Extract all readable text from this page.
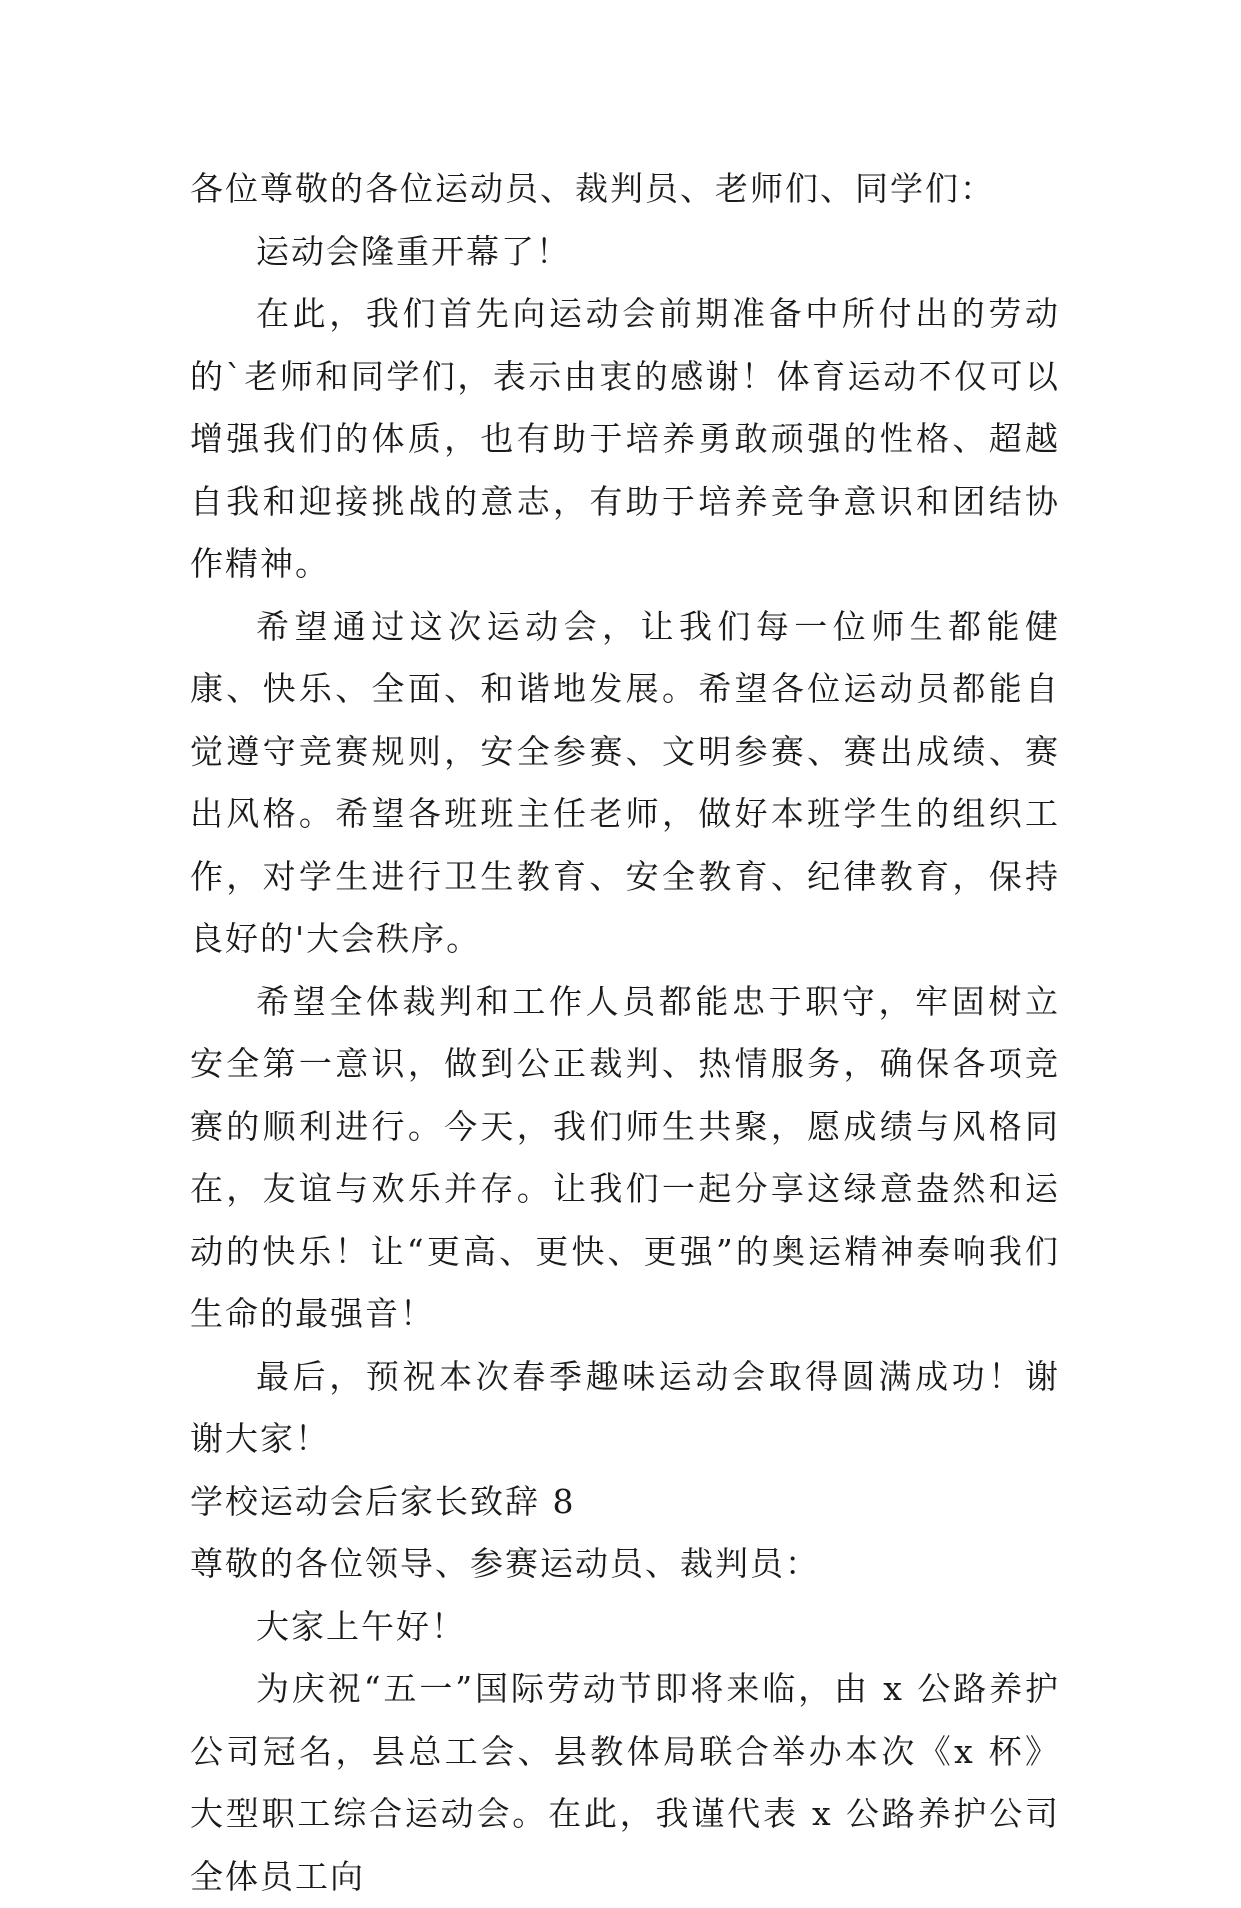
各位尊敬的各位运动员、裁判员、老师们、同学们：

运动会隆重开幕了！

在此，我们首先向运动会前期准备中所付出的劳动的`老师和同学们，表示由衷的感谢！体育运动不仅可以增强我们的体质，也有助于培养勇敢顽强的性格、超越自我和迎接挑战的意志，有助于培养竞争意识和团结协作精神。

希望通过这次运动会，让我们每一位师生都能健康、快乐、全面、和谐地发展。希望各位运动员都能自觉遵守竞赛规则，安全参赛、文明参赛、赛出成绩、赛出风格。希望各班班主任老师，做好本班学生的组织工作，对学生进行卫生教育、安全教育、纪律教育，保持良好的'大会秩序。

希望全体裁判和工作人员都能忠于职守，牢固树立安全第一意识，做到公正裁判、热情服务，确保各项竞赛的顺利进行。今天，我们师生共聚，愿成绩与风格同在，友谊与欢乐并存。让我们一起分享这绿意盎然和运动的快乐！让“更高、更快、更强”的奥运精神奏响我们生命的最强音！

最后，预祝本次春季趣味运动会取得圆满成功！谢谢大家！

学校运动会后家长致辞 8

尊敬的各位领导、参赛运动员、裁判员：

大家上午好！

为庆祝“五一”国际劳动节即将来临，由 x 公路养护公司冠名，县总工会、县教体局联合举办本次《x 杯》大型职工综合运动会。在此，我谨代表 x 公路养护公司全体员工向
